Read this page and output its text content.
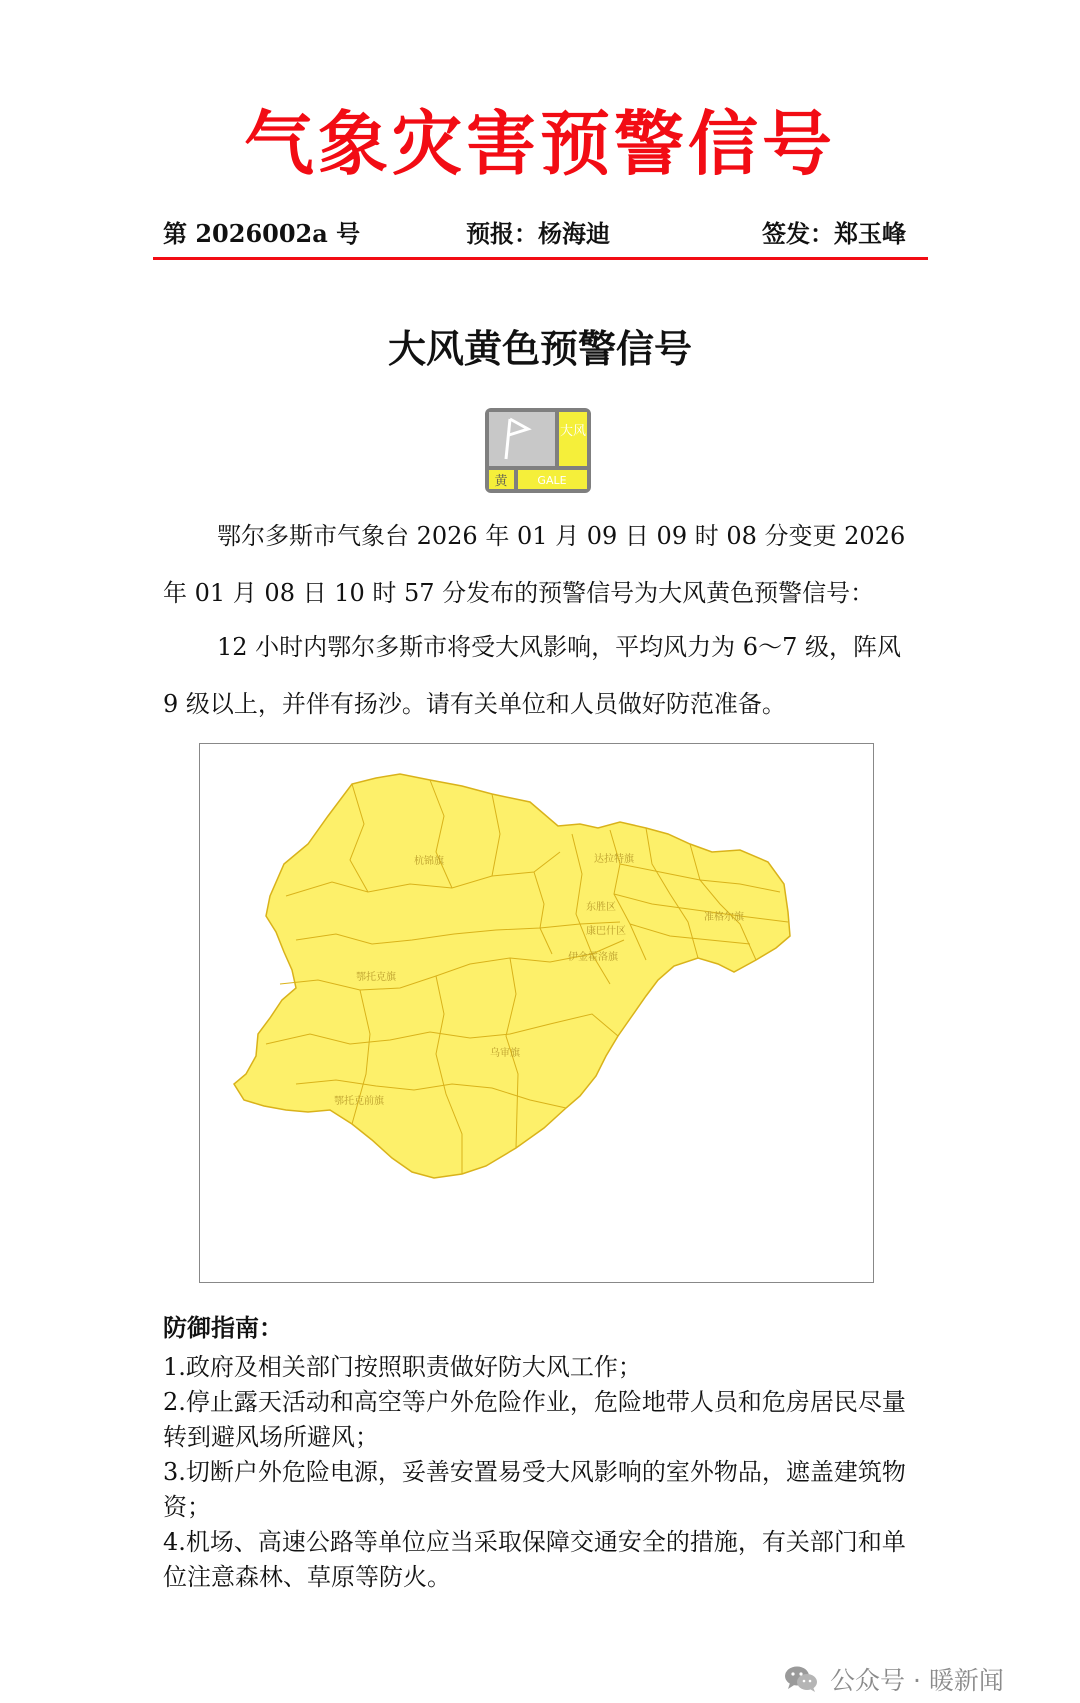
气象灾害预警信号
第 2026002a 号	预报：杨海迪	签发：郑玉峰
大风黄色预警信号
大风
黄	GALE

鄂尔多斯市气象台 2026 年 01 月 09 日 09 时 08 分变更 2026 年 01 月 08 日 10 时 57 分发布的预警信号为大风黄色预警信号：

12 小时内鄂尔多斯市将受大风影响，平均风力为 6～7 级，阵风 9 级以上，并伴有扬沙。请有关单位和人员做好防范准备。

杭锦旗	达拉特旗
准格尔旗
东胜区
康巴什区
伊金霍洛旗
鄂托克旗
乌审旗
鄂托克前旗
防御指南：
1.政府及相关部门按照职责做好防大风工作；
2.停止露天活动和高空等户外危险作业，危险地带人员和危房居民尽量转到避风场所避风；
3.切断户外危险电源，妥善安置易受大风影响的室外物品，遮盖建筑物资；
4.机场、高速公路等单位应当采取保障交通安全的措施，有关部门和单位注意森林、草原等防火。
公众号 · 暖新闻
